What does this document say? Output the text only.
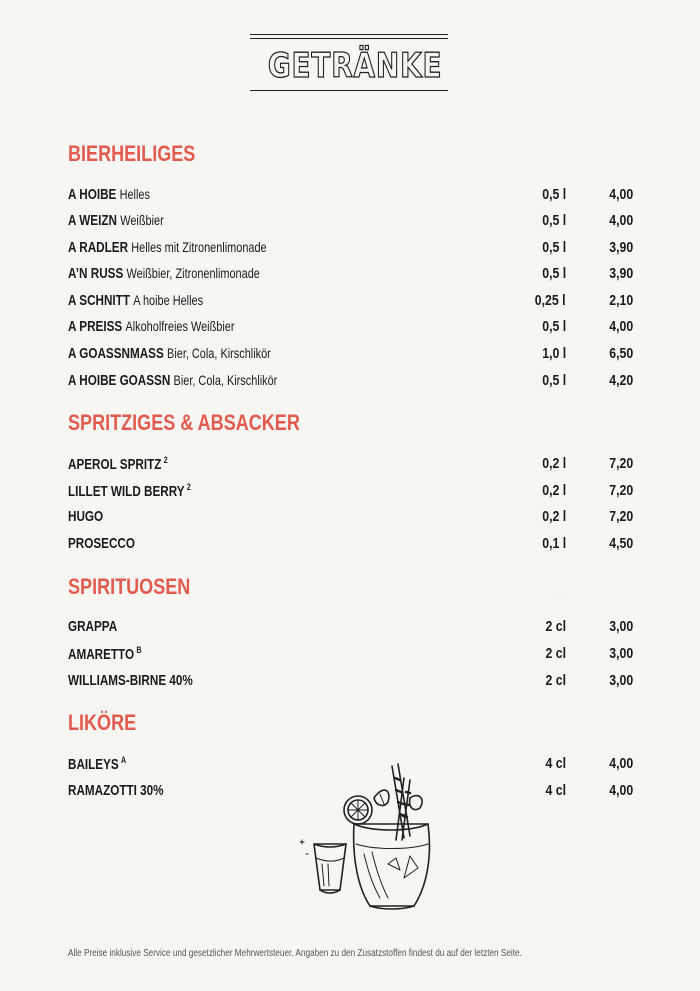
GETRÄNKE
BIERHEILIGES
A HOIBE Helles	0,5 l	4,00
A WEIZN Weißbier	0,5 l	4,00
A RADLER Helles mit Zitronenlimonade	0,5 l	3,90
A’N RUSS Weißbier, Zitronenlimonade	0,5 l	3,90
A SCHNITT A hoibe Helles	0,25 l	2,10
A PREISS Alkoholfreies Weißbier	0,5 l	4,00
A GOASSNMASS Bier, Cola, Kirschlikör	1,0 l	6,50
A HOIBE GOASSN Bier, Cola, Kirschlikör	0,5 l	4,20
SPRITZIGES & ABSACKER
APEROL SPRITZ $^2$	0,2 l	7,20
LILLET WILD BERRY $^2$	0,2 l	7,20
HUGO	0,2 l	7,20
PROSECCO	0,1 l	4,50
SPIRITUOSEN
GRAPPA	2 cl	3,00
AMARETTO $^B$	2 cl	3,00
WILLIAMS-BIRNE 40%	2 cl	3,00
LIKÖRE
BAILEYS $^A$	4 cl	4,00
RAMAZOTTI 30%	4 cl	4,00
Alle Preise inklusive Service und gesetzlicher Mehrwertsteuer. Angaben zu den Zusatzstoffen findest du auf der letzten Seite.
